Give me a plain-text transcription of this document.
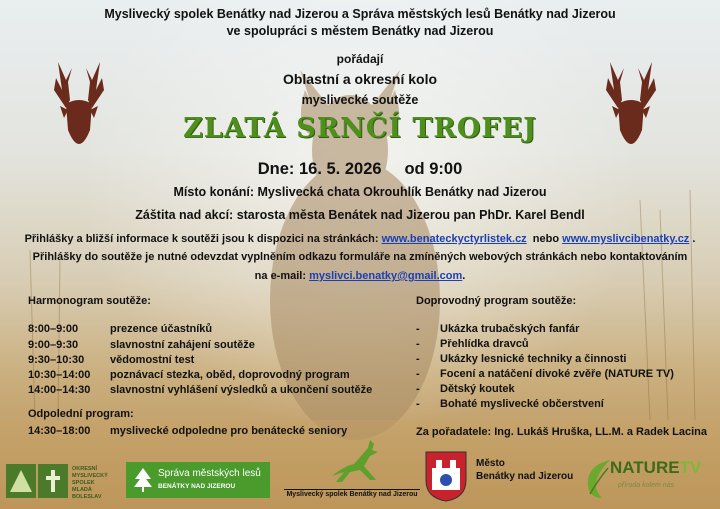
Myslivecký spolek Benátky nad Jizerou a Správa městských lesů Benátky nad Jizerou
ve spolupráci s městem Benátky nad Jizerou
pořádají
Oblastní a okresní kolo
myslivecké soutěže
ZLATÁ SRNČÍ TROFEJ
Dne: 16. 5. 2026     od 9:00
Místo konání: Myslivecká chata Okrouhlík Benátky nad Jizerou
Záštita nad akcí: starosta města Benátek nad Jizerou pan PhDr. Karel Bendl
Přihlášky a bližší informace k soutěži jsou k dispozici na stránkách: www.benateckyctyrlistek.cz  nebo www.myslivcibenatky.cz .
Přihlášky do soutěže je nutné odevzdat vyplněním odkazu formuláře na zmíněných webových stránkách nebo kontaktováním
na e-mail: myslivci.benatky@gmail.com.
Harmonogram soutěže:
8:00–9:00	prezence účastníků
9:00–9:30	slavnostní zahájení soutěže
9:30–10:30 vědomostní test
10:30–14:00 poznávací stezka, oběd, doprovodný program
14:00–14:30 slavnostní vyhlášení výsledků a ukončení soutěže
Odpolední program:
14:30–18:00 myslivecké odpoledne pro benátecké seniory
Doprovodný program soutěže:
- Ukázka trubačských fanfár
- Přehlídka dravců
- Ukázky lesnické techniky a činnosti
- Focení a natáčení divoké zvěře (NATURE TV)
- Dětský koutek
- Bohaté myslivecké občerstvení
Za pořadatele: Ing. Lukáš Hruška, LL.M. a Radek Lacina
OKRESNÍ
MYSLIVECKÝ SPOLEK
MLADÁ BOLESLAV
Správa městských lesů
BENÁTKY NAD JIZEROU
Myslivecký spolek Benátky nad Jizerou
Město
Benátky nad Jizerou NATURETV
příroda kolem nás
